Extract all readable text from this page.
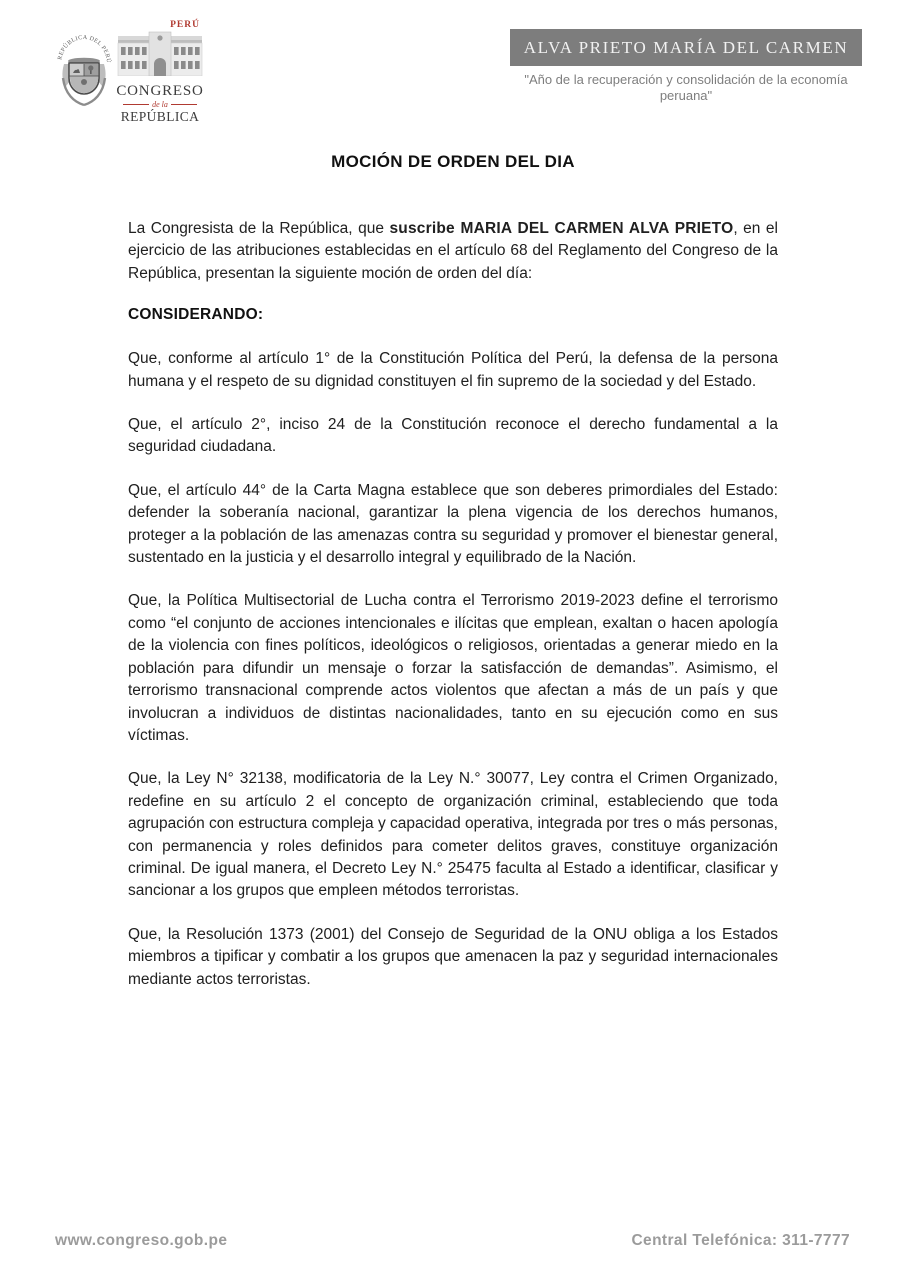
REPÚBLICA DEL PERÚ
PERÚ
CONGRESO
de la
REPÚBLICA
ALVA PRIETO MARÍA DEL CARMEN
"Año de la recuperación y consolidación de la economía peruana"
MOCIÓN DE ORDEN DEL DIA

La Congresista de la República, que suscribe MARIA DEL CARMEN ALVA PRIETO, en el ejercicio de las atribuciones establecidas en el artículo 68 del Reglamento del Congreso de la República, presentan la siguiente moción de orden del día:

CONSIDERANDO:

Que, conforme al artículo 1° de la Constitución Política del Perú, la defensa de la persona humana y el respeto de su dignidad constituyen el fin supremo de la sociedad y del Estado.

Que, el artículo 2°, inciso 24 de la Constitución reconoce el derecho fundamental a la seguridad ciudadana.

Que, el artículo 44° de la Carta Magna establece que son deberes primordiales del Estado: defender la soberanía nacional, garantizar la plena vigencia de los derechos humanos, proteger a la población de las amenazas contra su seguridad y promover el bienestar general, sustentado en la justicia y el desarrollo integral y equilibrado de la Nación.

Que, la Política Multisectorial de Lucha contra el Terrorismo 2019-2023 define el terrorismo como “el conjunto de acciones intencionales e ilícitas que emplean, exaltan o hacen apología de la violencia con fines políticos, ideológicos o religiosos, orientadas a generar miedo en la población para difundir un mensaje o forzar la satisfacción de demandas”. Asimismo, el terrorismo transnacional comprende actos violentos que afectan a más de un país y que involucran a individuos de distintas nacionalidades, tanto en su ejecución como en sus víctimas.

Que, la Ley N° 32138, modificatoria de la Ley N.° 30077, Ley contra el Crimen Organizado, redefine en su artículo 2 el concepto de organización criminal, estableciendo que toda agrupación con estructura compleja y capacidad operativa, integrada por tres o más personas, con permanencia y roles definidos para cometer delitos graves, constituye organización criminal. De igual manera, el Decreto Ley N.° 25475 faculta al Estado a identificar, clasificar y sancionar a los grupos que empleen métodos terroristas.

Que, la Resolución 1373 (2001) del Consejo de Seguridad de la ONU obliga a los Estados miembros a tipificar y combatir a los grupos que amenacen la paz y seguridad internacionales mediante actos terroristas.

www.congreso.gob.pe	Central Telefónica: 311-7777
